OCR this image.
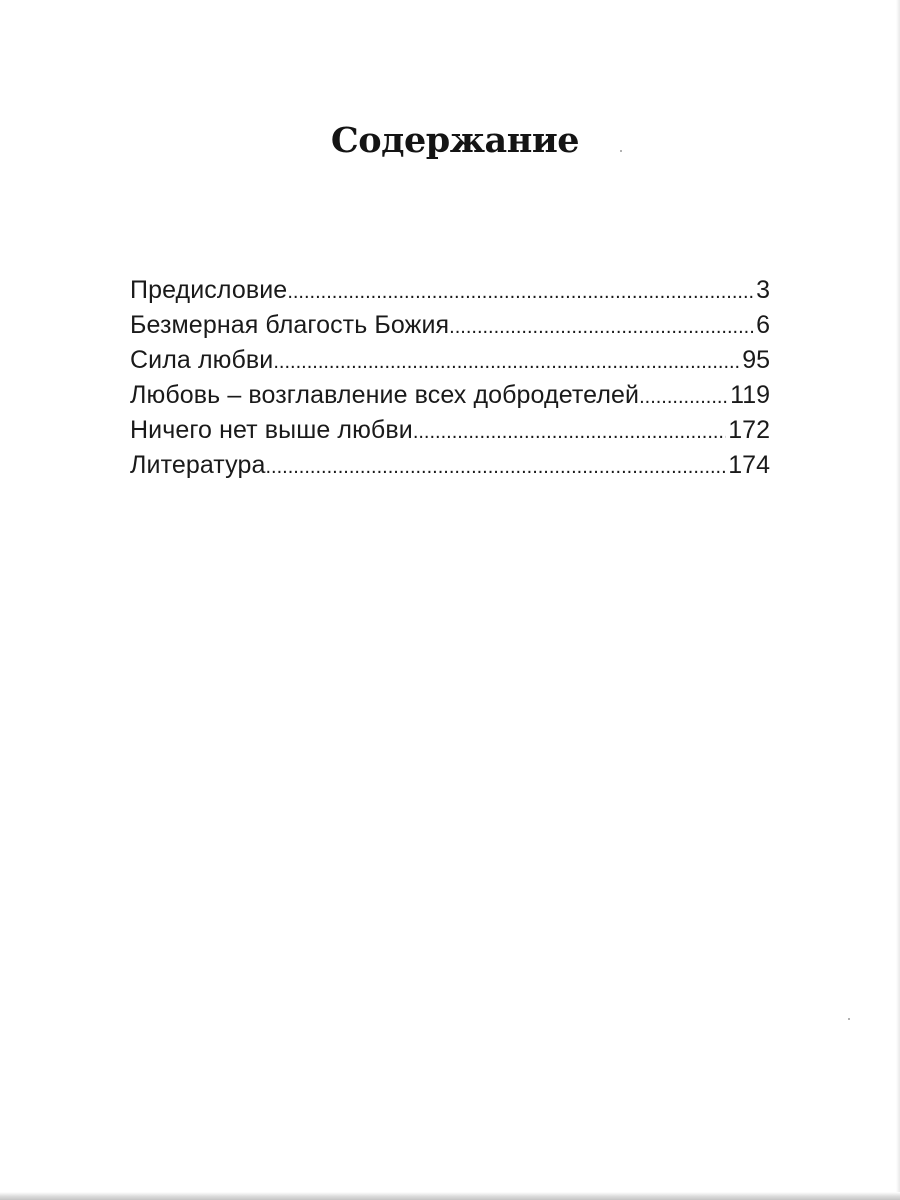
Содержание
Предисловие .....	3
Безмерная благость Божия .....	6
Сила любви .....	95
Любовь – возглавление всех добродетелей .....	119
Ничего нет выше любви .....	172
Литература .....	174
